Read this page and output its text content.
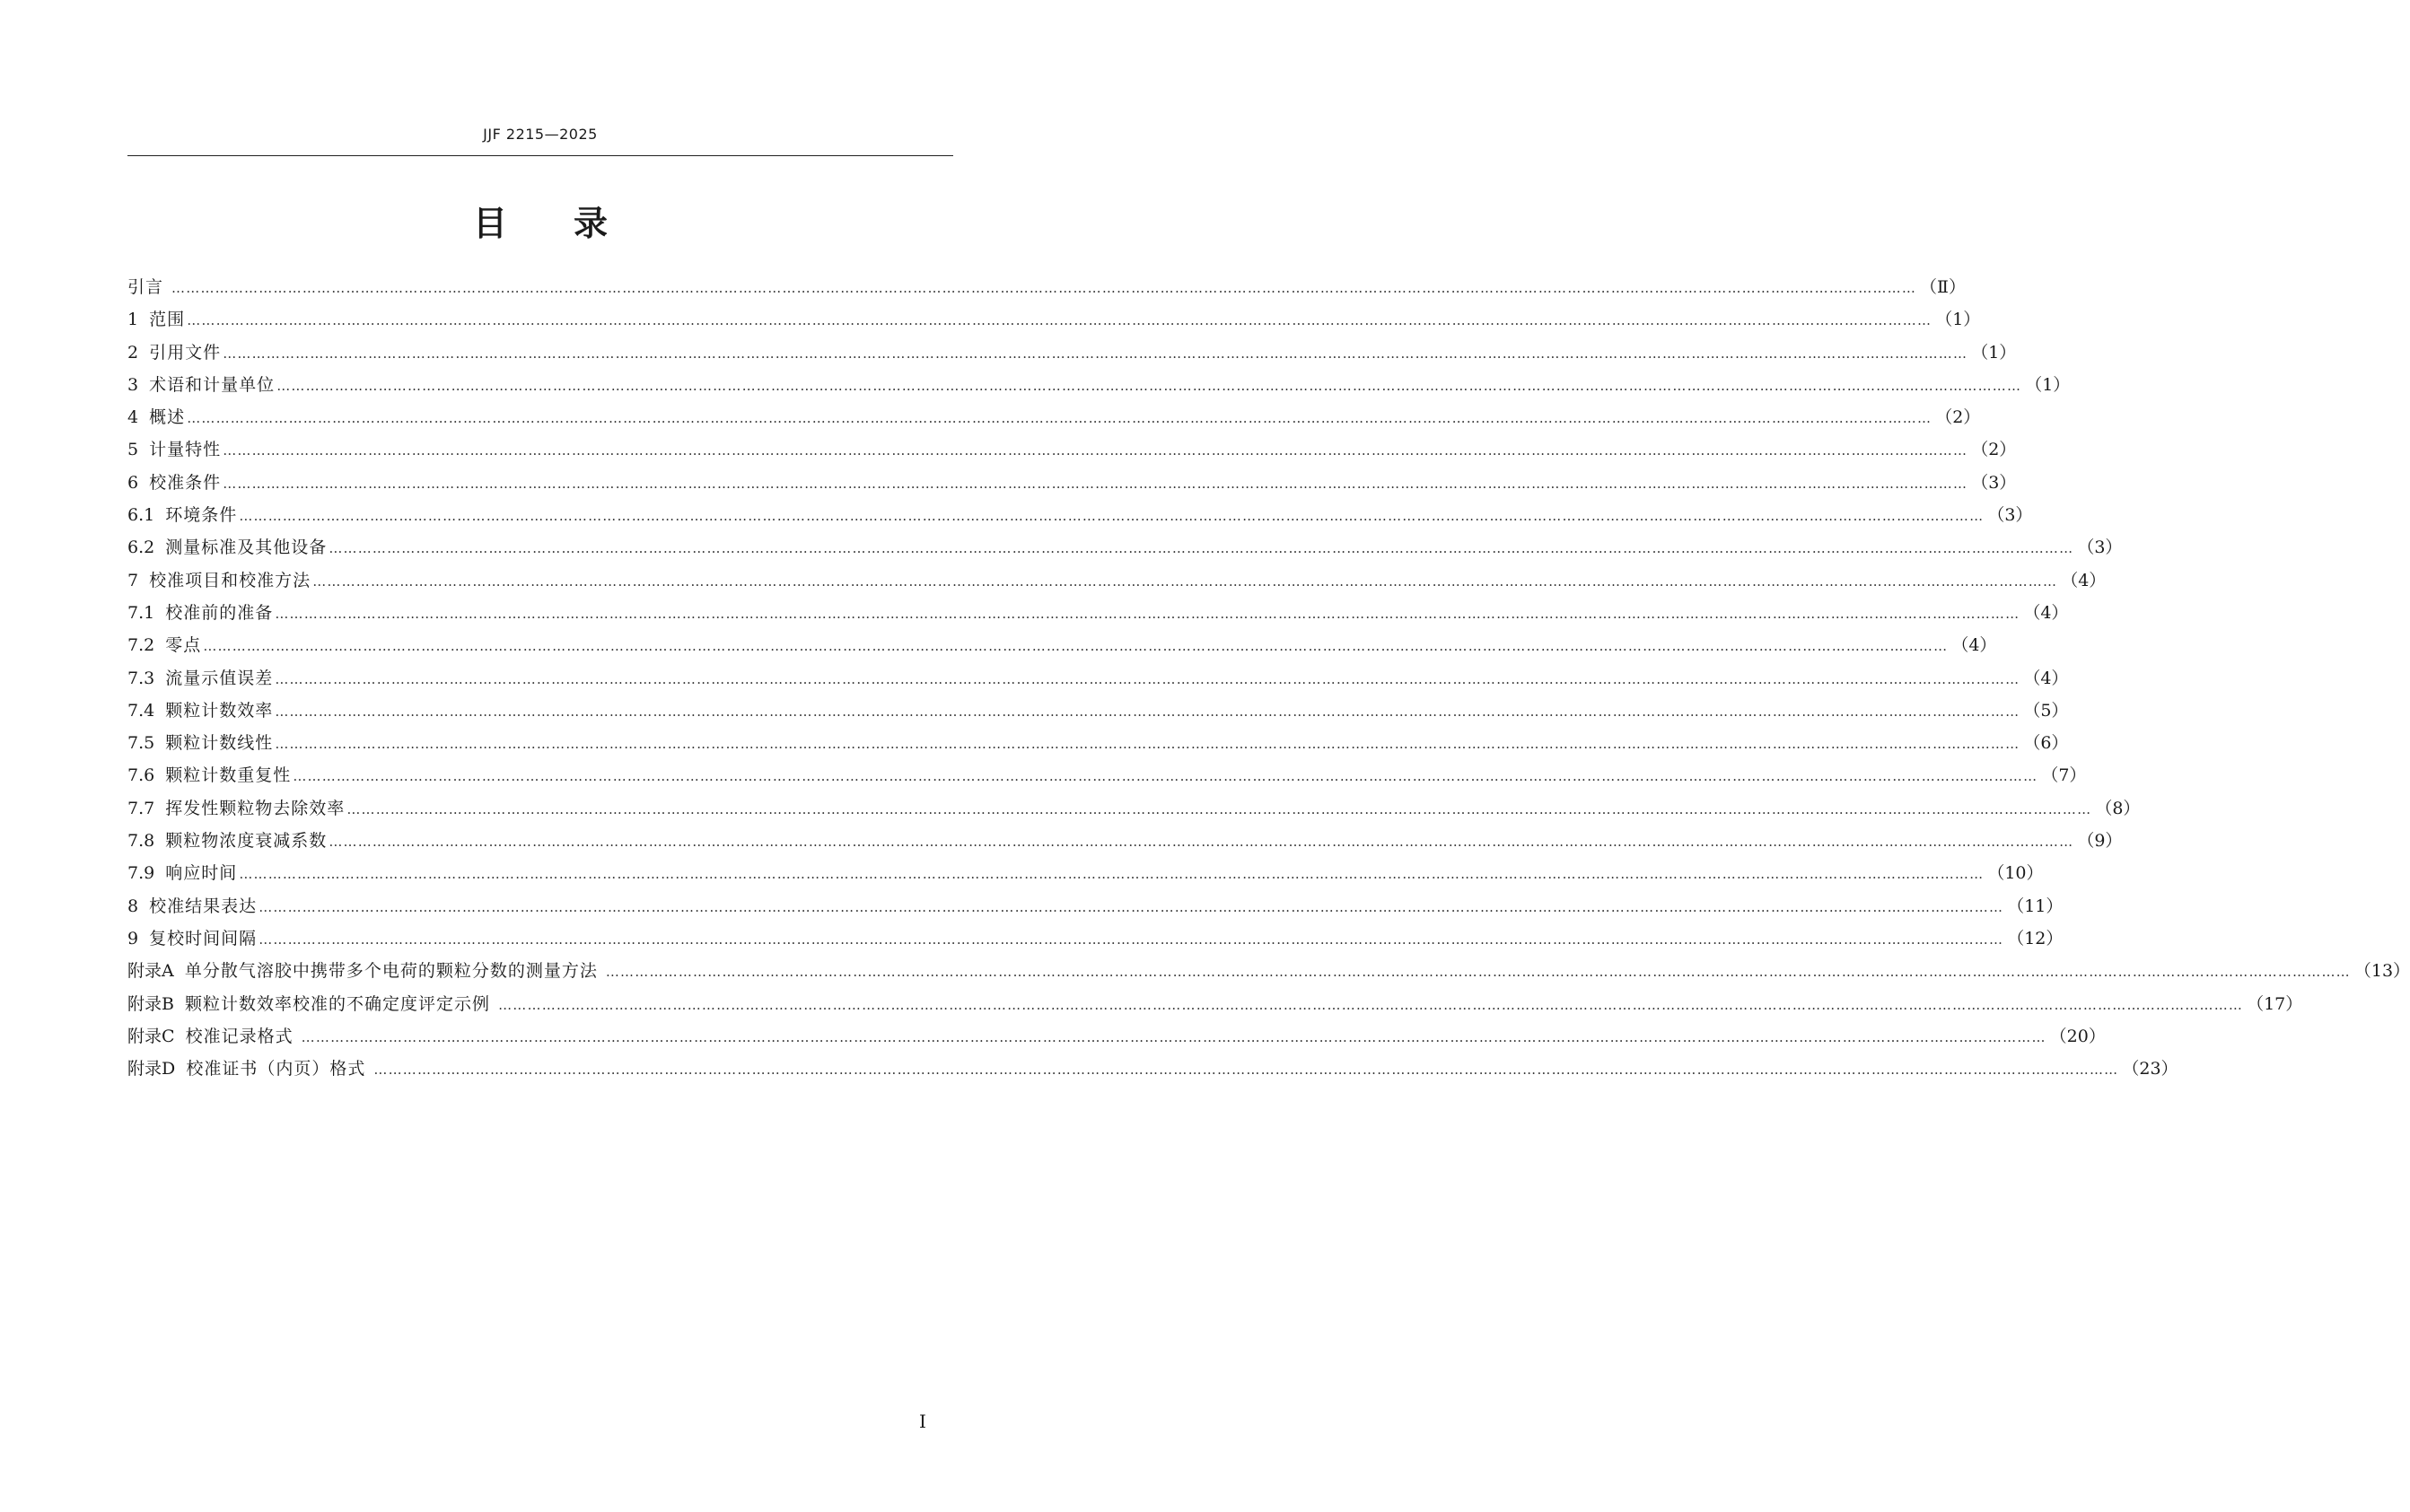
JJF 2215—2025
目录
引言 ……………………………………………………………………………………………………………………………………………………………………………………………………………………………………………………………………………………………………………………………… （Ⅱ）
1 范围 ……………………………………………………………………………………………………………………………………………………………………………………………………………………………………………………………………………………………………………………………… （1）
2 引用文件 ……………………………………………………………………………………………………………………………………………………………………………………………………………………………………………………………………………………………………………………………… （1）
3 术语和计量单位 ……………………………………………………………………………………………………………………………………………………………………………………………………………………………………………………………………………………………………………………………… （1）
4 概述 ……………………………………………………………………………………………………………………………………………………………………………………………………………………………………………………………………………………………………………………………… （2）
5 计量特性 ……………………………………………………………………………………………………………………………………………………………………………………………………………………………………………………………………………………………………………………………… （2）
6 校准条件 ……………………………………………………………………………………………………………………………………………………………………………………………………………………………………………………………………………………………………………………………… （3）
6.1 环境条件 ……………………………………………………………………………………………………………………………………………………………………………………………………………………………………………………………………………………………………………………………… （3）
6.2 测量标准及其他设备 ……………………………………………………………………………………………………………………………………………………………………………………………………………………………………………………………………………………………………………………………… （3）
7 校准项目和校准方法 ……………………………………………………………………………………………………………………………………………………………………………………………………………………………………………………………………………………………………………………………… （4）
7.1 校准前的准备 ……………………………………………………………………………………………………………………………………………………………………………………………………………………………………………………………………………………………………………………………… （4）
7.2 零点 ……………………………………………………………………………………………………………………………………………………………………………………………………………………………………………………………………………………………………………………………… （4）
7.3 流量示值误差 ……………………………………………………………………………………………………………………………………………………………………………………………………………………………………………………………………………………………………………………………… （4）
7.4 颗粒计数效率 ……………………………………………………………………………………………………………………………………………………………………………………………………………………………………………………………………………………………………………………………… （5）
7.5 颗粒计数线性 ……………………………………………………………………………………………………………………………………………………………………………………………………………………………………………………………………………………………………………………………… （6）
7.6 颗粒计数重复性 ……………………………………………………………………………………………………………………………………………………………………………………………………………………………………………………………………………………………………………………………… （7）
7.7 挥发性颗粒物去除效率 ……………………………………………………………………………………………………………………………………………………………………………………………………………………………………………………………………………………………………………………………… （8）
7.8 颗粒物浓度衰减系数 ……………………………………………………………………………………………………………………………………………………………………………………………………………………………………………………………………………………………………………………………… （9）
7.9 响应时间 ……………………………………………………………………………………………………………………………………………………………………………………………………………………………………………………………………………………………………………………………… （10）
8 校准结果表达 ……………………………………………………………………………………………………………………………………………………………………………………………………………………………………………………………………………………………………………………………… （11）
9 复校时间间隔 ……………………………………………………………………………………………………………………………………………………………………………………………………………………………………………………………………………………………………………………………… （12）
附录A 单分散气溶胶中携带多个电荷的颗粒分数的测量方法 ……………………………………………………………………………………………………………………………………………………………………………………………………………………………………………………………………………………………………………………………… （13）
附录B 颗粒计数效率校准的不确定度评定示例 ……………………………………………………………………………………………………………………………………………………………………………………………………………………………………………………………………………………………………………………………… （17）
附录C 校准记录格式 ……………………………………………………………………………………………………………………………………………………………………………………………………………………………………………………………………………………………………………………………… （20）
附录D 校准证书（内页）格式 ……………………………………………………………………………………………………………………………………………………………………………………………………………………………………………………………………………………………………………………………… （23）
Ⅰ
